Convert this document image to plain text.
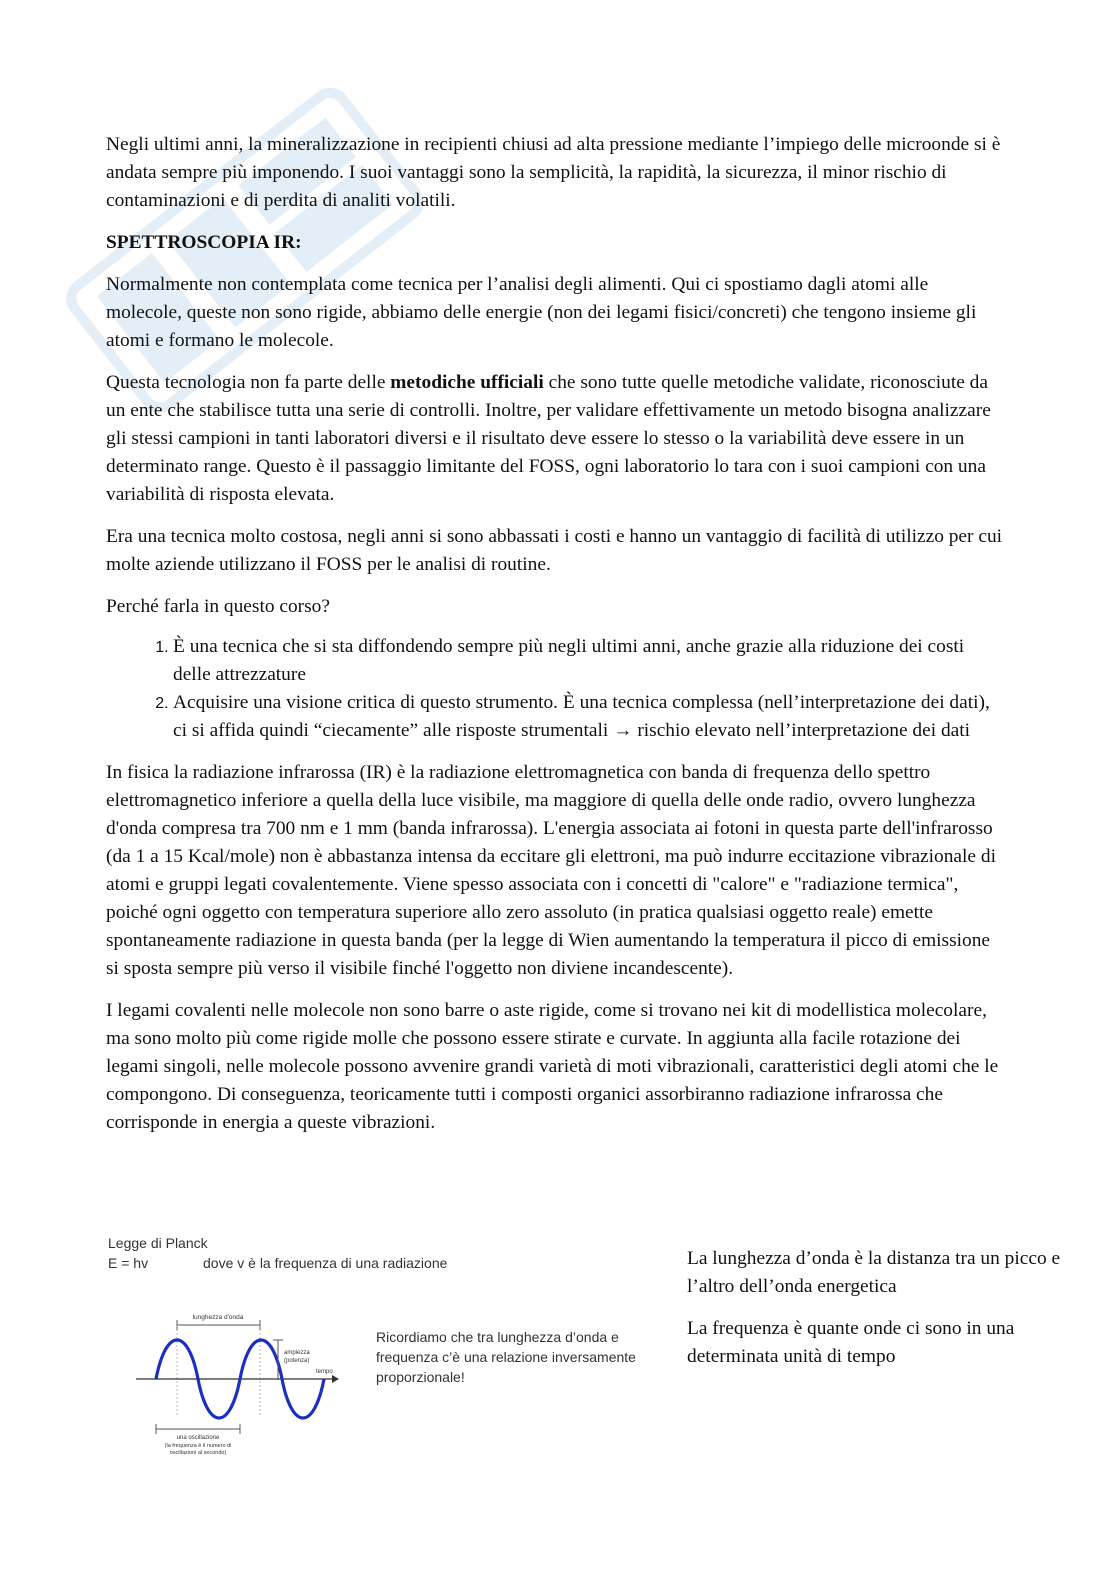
Negli ultimi anni, la mineralizzazione in recipienti chiusi ad alta pressione mediante l’impiego delle microonde si è andata sempre più imponendo. I suoi vantaggi sono la semplicità, la rapidità, la sicurezza, il minor rischio di contaminazioni e di perdita di analiti volatili.

SPETTROSCOPIA IR:

Normalmente non contemplata come tecnica per l’analisi degli alimenti. Qui ci spostiamo dagli atomi alle molecole, queste non sono rigide, abbiamo delle energie (non dei legami fisici/concreti) che tengono insieme gli atomi e formano le molecole.

Questa tecnologia non fa parte delle metodiche ufficiali che sono tutte quelle metodiche validate, riconosciute da un ente che stabilisce tutta una serie di controlli. Inoltre, per validare effettivamente un metodo bisogna analizzare gli stessi campioni in tanti laboratori diversi e il risultato deve essere lo stesso o la variabilità deve essere in un determinato range. Questo è il passaggio limitante del FOSS, ogni laboratorio lo tara con i suoi campioni con una variabilità di risposta elevata.

Era una tecnica molto costosa, negli anni si sono abbassati i costi e hanno un vantaggio di facilità di utilizzo per cui molte aziende utilizzano il FOSS per le analisi di routine.

Perché farla in questo corso?

1. È una tecnica che si sta diffondendo sempre più negli ultimi anni, anche grazie alla riduzione dei costi delle attrezzature
2. Acquisire una visione critica di questo strumento. È una tecnica complessa (nell’interpretazione dei dati), ci si affida quindi “ciecamente” alle risposte strumentali → rischio elevato nell’interpretazione dei dati

In fisica la radiazione infrarossa (IR) è la radiazione elettromagnetica con banda di frequenza dello spettro elettromagnetico inferiore a quella della luce visibile, ma maggiore di quella delle onde radio, ovvero lunghezza d'onda compresa tra 700 nm e 1 mm (banda infrarossa). L'energia associata ai fotoni in questa parte dell'infrarosso (da 1 a 15 Kcal/mole) non è abbastanza intensa da eccitare gli elettroni, ma può indurre eccitazione vibrazionale di atomi e gruppi legati covalentemente. Viene spesso associata con i concetti di "calore" e "radiazione termica", poiché ogni oggetto con temperatura superiore allo zero assoluto (in pratica qualsiasi oggetto reale) emette spontaneamente radiazione in questa banda (per la legge di Wien aumentando la temperatura il picco di emissione si sposta sempre più verso il visibile finché l'oggetto non diviene incandescente).

I legami covalenti nelle molecole non sono barre o aste rigide, come si trovano nei kit di modellistica molecolare, ma sono molto più come rigide molle che possono essere stirate e curvate. In aggiunta alla facile rotazione dei legami singoli, nelle molecole possono avvenire grandi varietà di moti vibrazionali, caratteristici degli atomi che le compongono. Di conseguenza, teoricamente tutti i composti organici assorbiranno radiazione infrarossa che corrisponde in energia a queste vibrazioni.

Legge di Planck
E = hv	dove v è la frequenza di una radiazione
lunghezza d'onda
tempo
ampiezza
(potenza)
una oscillazione
(la frequenza è il numero di
oscillazioni al secondo)
Ricordiamo che tra lunghezza d’onda e frequenza c’è una relazione inversamente proporzionale!

La lunghezza d’onda è la distanza tra un picco e l’altro dell’onda energetica

La frequenza è quante onde ci sono in una determinata unità di tempo
